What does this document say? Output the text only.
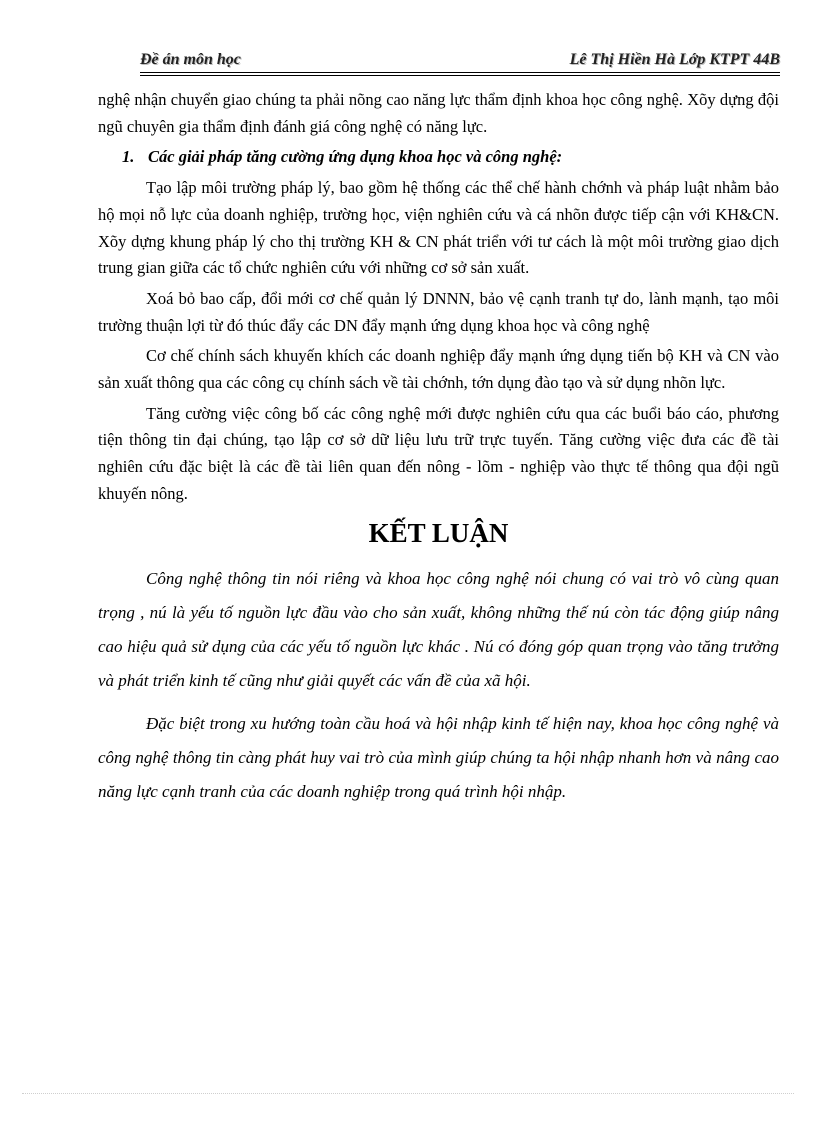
Đề án môn học	Lê Thị Hiền Hà Lớp KTPT 44B

nghệ nhận chuyển giao chúng ta phải nõng cao năng lực thẩm định khoa học công nghệ. Xõy dựng đội ngũ chuyên gia thẩm định đánh giá công nghệ có năng lực.

1. Các giải pháp tăng cường ứng dụng khoa học và công nghệ:

Tạo lập môi trường pháp lý, bao gồm hệ thống các thể chế hành chớnh và pháp luật nhằm bảo hộ mọi nỗ lực của doanh nghiệp, trường học, viện nghiên cứu và cá nhõn được tiếp cận với KH&CN. Xõy dựng khung pháp lý cho thị trường KH & CN phát triển với tư cách là một môi trường giao dịch trung gian giữa các tổ chức nghiên cứu với những cơ sở sản xuất.

Xoá bỏ bao cấp, đổi mới cơ chế quản lý DNNN, bảo vệ cạnh tranh tự do, lành mạnh, tạo môi trường thuận lợi từ đó thúc đẩy các DN đẩy mạnh ứng dụng khoa học và công nghệ

Cơ chế chính sách khuyến khích các doanh nghiệp đẩy mạnh ứng dụng tiến bộ KH và CN vào sản xuất thông qua các công cụ chính sách về tài chớnh, tớn dụng đào tạo và sử dụng nhõn lực.

Tăng cường việc công bố các công nghệ mới được nghiên cứu qua các buổi báo cáo, phương tiện thông tin đại chúng, tạo lập cơ sở dữ liệu lưu trữ trực tuyến. Tăng cường việc đưa các đề tài nghiên cứu đặc biệt là các đề tài liên quan đến nông - lõm - nghiệp vào thực tế thông qua đội ngũ khuyến nông.

KẾT LUẬN

Công nghệ thông tin nói riêng và khoa học công nghệ nói chung có vai trò vô cùng quan trọng , nú là yếu tố nguồn lực đầu vào cho sản xuất, không những thế nú còn tác động giúp nâng cao hiệu quả sử dụng của các yếu tố nguồn lực khác . Nú có đóng góp quan trọng vào tăng trưởng và phát triển kinh tế cũng như giải quyết các vấn đề của xã hội.

Đặc biệt trong xu hướng toàn cầu hoá và hội nhập kinh tế hiện nay, khoa học công nghệ và công nghệ thông tin càng phát huy vai trò của mình giúp chúng ta hội nhập nhanh hơn và nâng cao năng lực cạnh tranh của các doanh nghiệp trong quá trình hội nhập.
